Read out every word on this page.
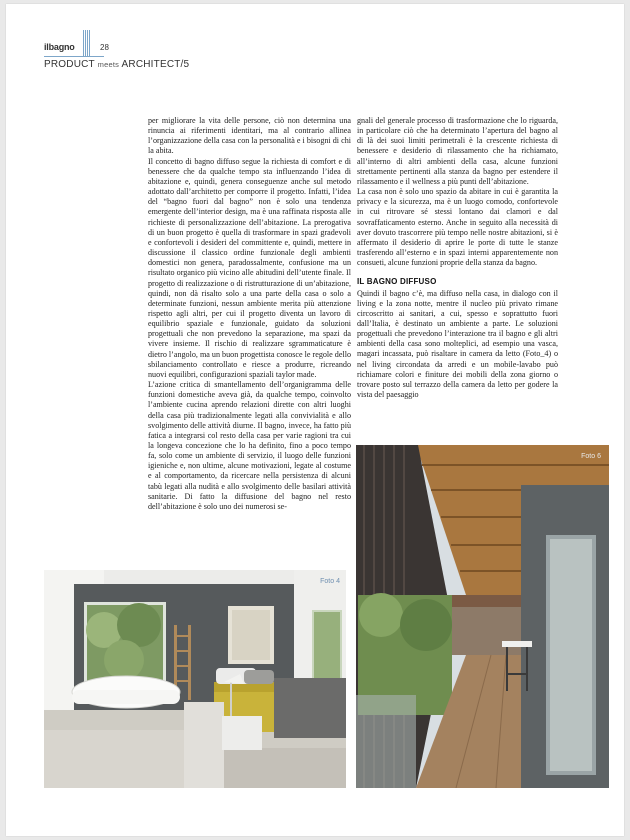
ilbagno	28
PRODUCT meets ARCHITECT/5

per migliorare la vita delle persone, ciò non determina una rinuncia ai riferimenti identitari, ma al contrario allinea l’organizzazione della casa con la personalità e i bisogni di chi la abita.

Il concetto di bagno diffuso segue la richiesta di comfort e di benessere che da qualche tempo sta influenzando l’idea di abitazione e, quindi, genera conseguenze anche sul metodo adottato dall’architetto per comporre il progetto. Infatti, l’idea del “bagno fuori dal bagno” non è solo una tendenza emergente dell’interior design, ma è una raffinata risposta alle richieste di personalizzazione dell’abitazione. La prerogativa di un buon progetto è quella di trasformare in spazi gradevoli e confortevoli i desideri del committente e, quindi, mettere in discussione il classico ordine funzionale degli ambienti domestici non genera, paradossalmente, confusione ma un risultato organico più vicino alle abitudini dell’utente finale. Il progetto di realizzazione o di ristrutturazione di un’abitazione, quindi, non dà risalto solo a una parte della casa o solo a determinate funzioni, nessun ambiente merita più attenzione rispetto agli altri, per cui il progetto diventa un lavoro di equilibrio spaziale e funzionale, guidato da soluzioni progettuali che non prevedono la separazione, ma spazi da vivere insieme. Il rischio di realizzare sgrammaticature è dietro l’angolo, ma un buon progettista conosce le regole dello sbilanciamento controllato e riesce a produrre, ricreando nuovi equilibri, configurazioni spaziali taylor made.

L’azione critica di smantellamento dell’organigramma delle funzioni domestiche aveva già, da qualche tempo, coinvolto l’ambiente cucina aprendo relazioni dirette con altri luoghi della casa più tradizionalmente legati alla convivialità e allo svolgimento delle attività diurne. Il bagno, invece, ha fatto più fatica a integrarsi col resto della casa per varie ragioni tra cui la longeva concezione che lo ha definito, fino a poco tempo fa, solo come un ambiente di servizio, il luogo delle funzioni igieniche e, non ultime, alcune motivazioni, legate al costume e al comportamento, da ricercare nella persistenza di alcuni tabù legati alla nudità e allo svolgimento delle basilari attività sanitarie. Di fatto la diffusione del bagno nel resto dell’abitazione è solo uno dei numerosi se-

gnali del generale processo di trasformazione che lo riguarda, in particolare ciò che ha determinato l’apertura del bagno al di là dei suoi limiti perimetrali è la crescente richiesta di benessere e desiderio di rilassamento che ha richiamato, all’interno di altri ambienti della casa, alcune funzioni strettamente pertinenti alla stanza da bagno per estendere il rilassamento e il wellness a più punti dell’abitazione.

La casa non è solo uno spazio da abitare in cui è garantita la privacy e la sicurezza, ma è un luogo comodo, confortevole in cui ritrovare sé stessi lontano dai clamori e dal sovraffaticamento esterno. Anche in seguito alla necessità di aver dovuto trascorrere più tempo nelle nostre abitazioni, si è affermato il desiderio di aprire le porte di tutte le stanze trasferendo all’esterno e in spazi interni apparentemente non consueti, alcune funzioni proprie della stanza da bagno.

IL BAGNO DIFFUSO

Quindi il bagno c’è, ma diffuso nella casa, in dialogo con il living e la zona notte, mentre il nucleo più privato rimane circoscritto ai sanitari, a cui, spesso e soprattutto fuori dall’Italia, è destinato un ambiente a parte. Le soluzioni progettuali che prevedono l’interazione tra il bagno e gli altri ambienti della casa sono molteplici, ad esempio una vasca, magari incassata, può risaltare in camera da letto (Foto_4) o nel living circondata da arredi e un mobile-lavabo può richiamare colori e finiture dei mobili della zona giorno o trovare posto sul terrazzo della camera da letto per godere la vista del paesaggio

Foto 4
Foto 6
